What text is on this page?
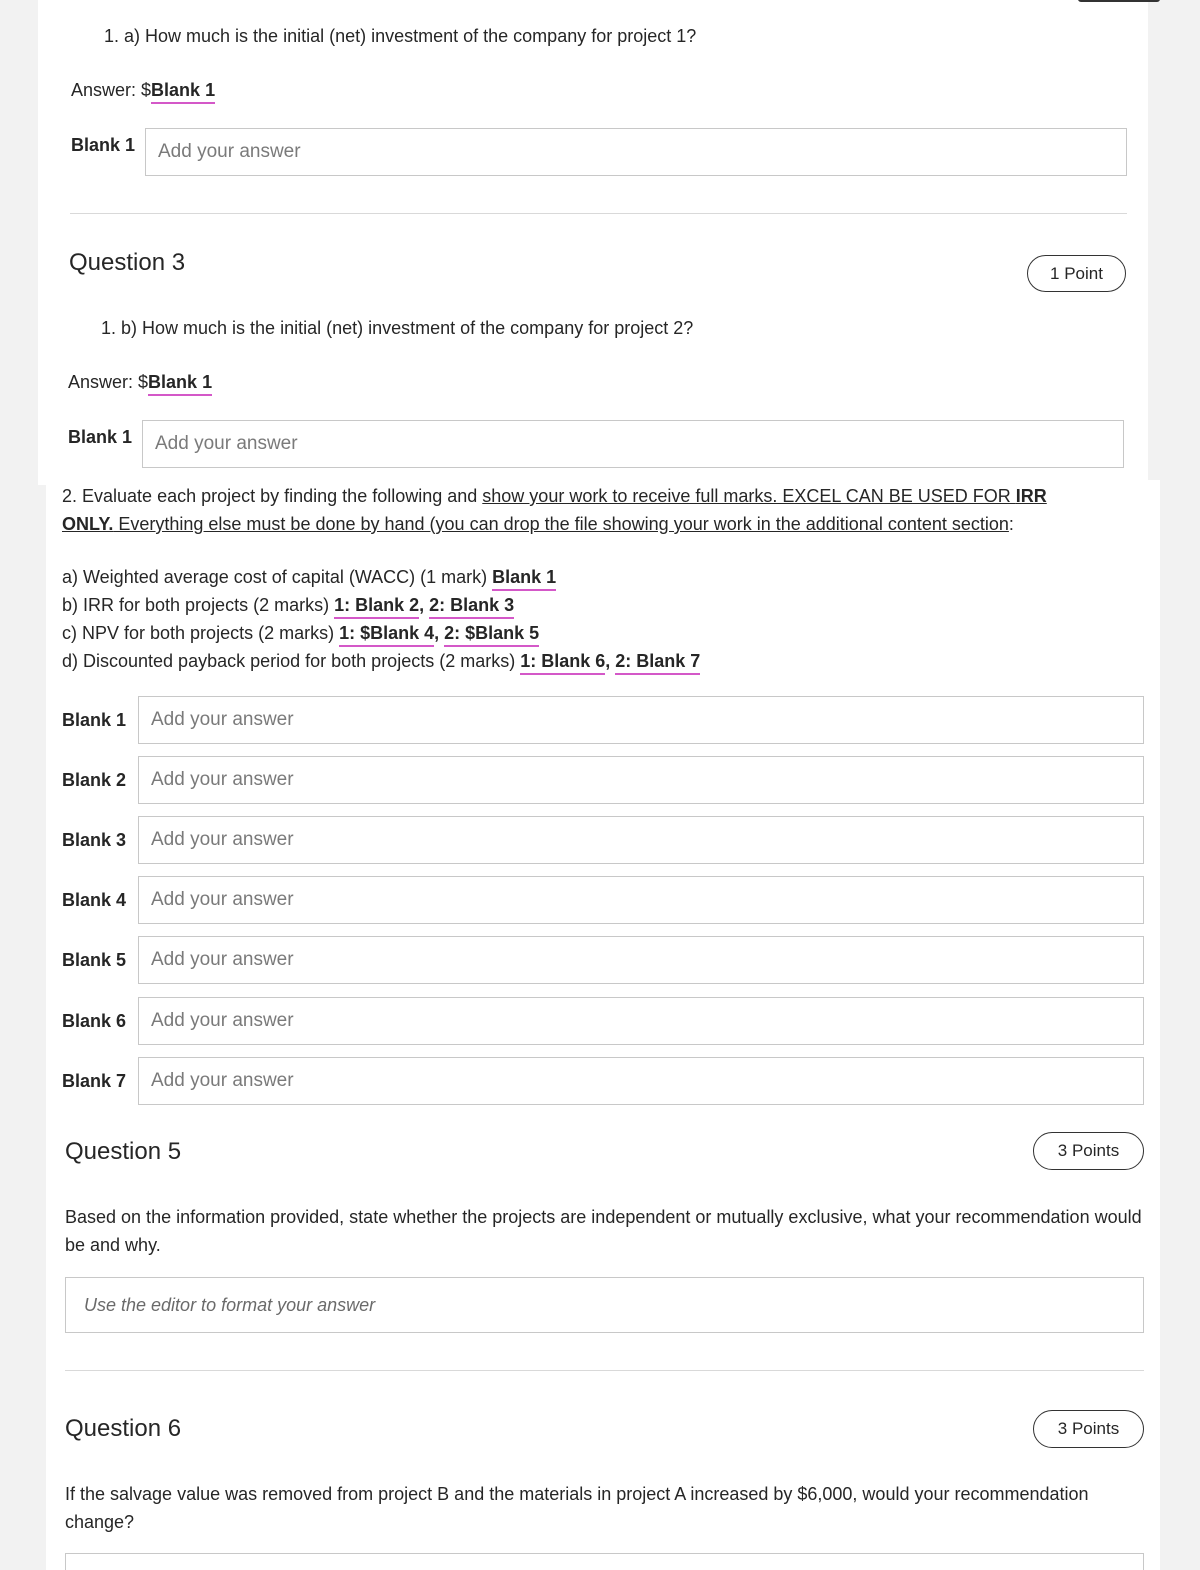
1. a) How much is the initial (net) investment of the company for project 1?
Answer: $Blank 1
Blank 1	Add your answer
Question 3	1 Point
1. b) How much is the initial (net) investment of the company for project 2?
Answer: $Blank 1
Blank 1	Add your answer
2. Evaluate each project by finding the following and show your work to receive full marks. EXCEL CAN BE USED FOR IRR
ONLY. Everything else must be done by hand (you can drop the file showing your work in the additional content section:
a) Weighted average cost of capital (WACC) (1 mark) Blank 1
b) IRR for both projects (2 marks) 1: Blank 2, 2: Blank 3
c) NPV for both projects (2 marks) 1: $Blank 4, 2: $Blank 5
d) Discounted payback period for both projects (2 marks) 1: Blank 6, 2: Blank 7
Blank 1	Add your answer
Blank 2	Add your answer
Blank 3	Add your answer
Blank 4	Add your answer
Blank 5	Add your answer
Blank 6	Add your answer
Blank 7	Add your answer
Question 5	3 Points
Based on the information provided, state whether the projects are independent or mutually exclusive, what your recommendation would be and why.
Use the editor to format your answer
Question 6	3 Points
If the salvage value was removed from project B and the materials in project A increased by $6,000, would your recommendation change?
